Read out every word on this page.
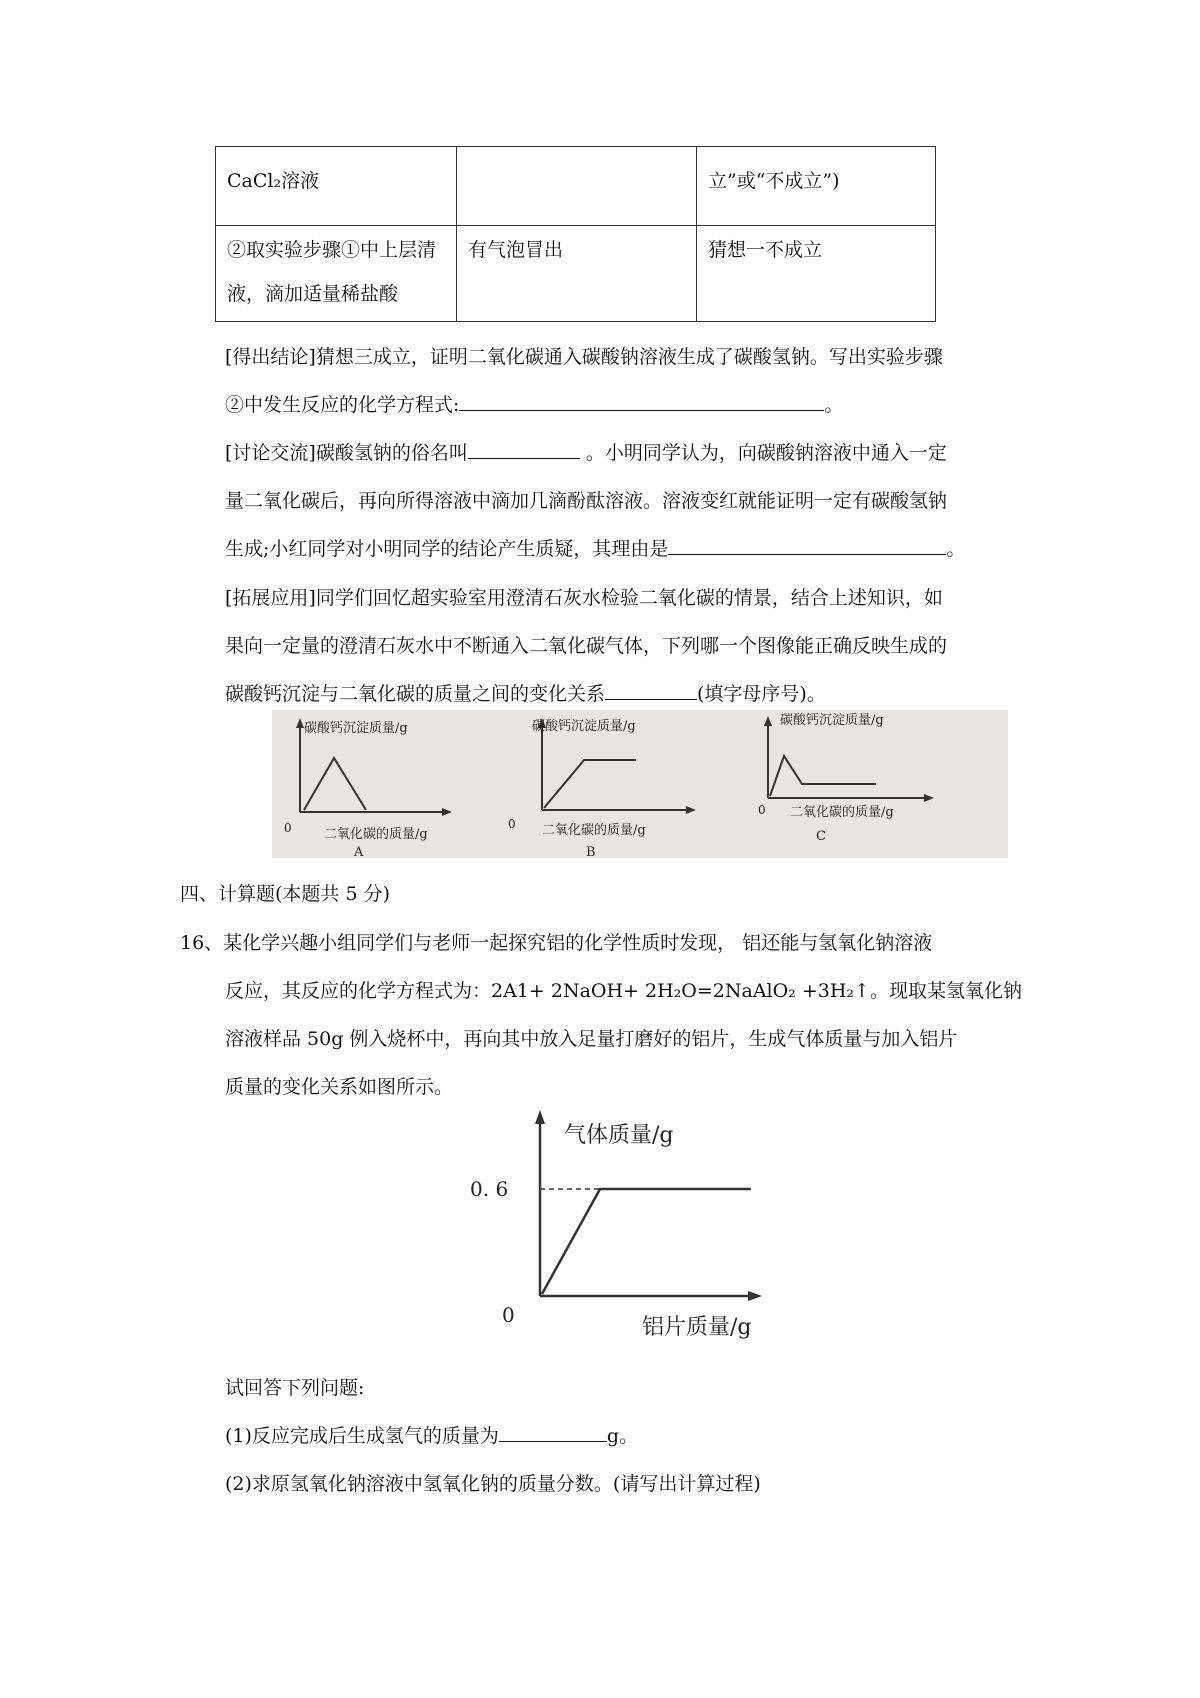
CaCl₂溶液		立”或“不成立”)

②取实验步骤①中上层清
液，滴加适量稀盐酸	有气泡冒出	猜想一不成立
[得出结论]猜想三成立，证明二氧化碳通入碳酸钠溶液生成了碳酸氢钠。写出实验步骤
②中发生反应的化学方程式:	。
[讨论交流]碳酸氢钠的俗名叫	。小明同学认为，向碳酸钠溶液中通入一定
量二氧化碳后，再向所得溶液中滴加几滴酚酞溶液。溶液变红就能证明一定有碳酸氢钠
生成;小红同学对小明同学的结论产生质疑，其理由是	。
[拓展应用]同学们回忆超实验室用澄清石灰水检验二氧化碳的情景，结合上述知识，如
果向一定量的澄清石灰水中不断通入二氧化碳气体，下列哪一个图像能正确反映生成的
碳酸钙沉淀与二氧化碳的质量之间的变化关系	(填字母序号)。
碳酸钙沉淀质量/g
0 二氧化碳的质量/g
A
碳酸钙沉淀质量/g
0 二氧化碳的质量/g
B
碳酸钙沉淀质量/g
0 二氧化碳的质量/g
C
四、计算题(本题共 5 分)
16、某化学兴趣小组同学们与老师一起探究铝的化学性质时发现， 铝还能与氢氧化钠溶液
反应，其反应的化学方程式为：2A1+ 2NaOH+ 2H₂O=2NaAlO₂ +3H₂↑。现取某氢氧化钠
溶液样品 50g 例入烧杯中，再向其中放入足量打磨好的铝片，生成气体质量与加入铝片
质量的变化关系如图所示。
气体质量/g
0. 6
0	铝片质量/g
试回答下列问题:
(1)反应完成后生成氢气的质量为	g。
(2)求原氢氧化钠溶液中氢氧化钠的质量分数。(请写出计算过程)
